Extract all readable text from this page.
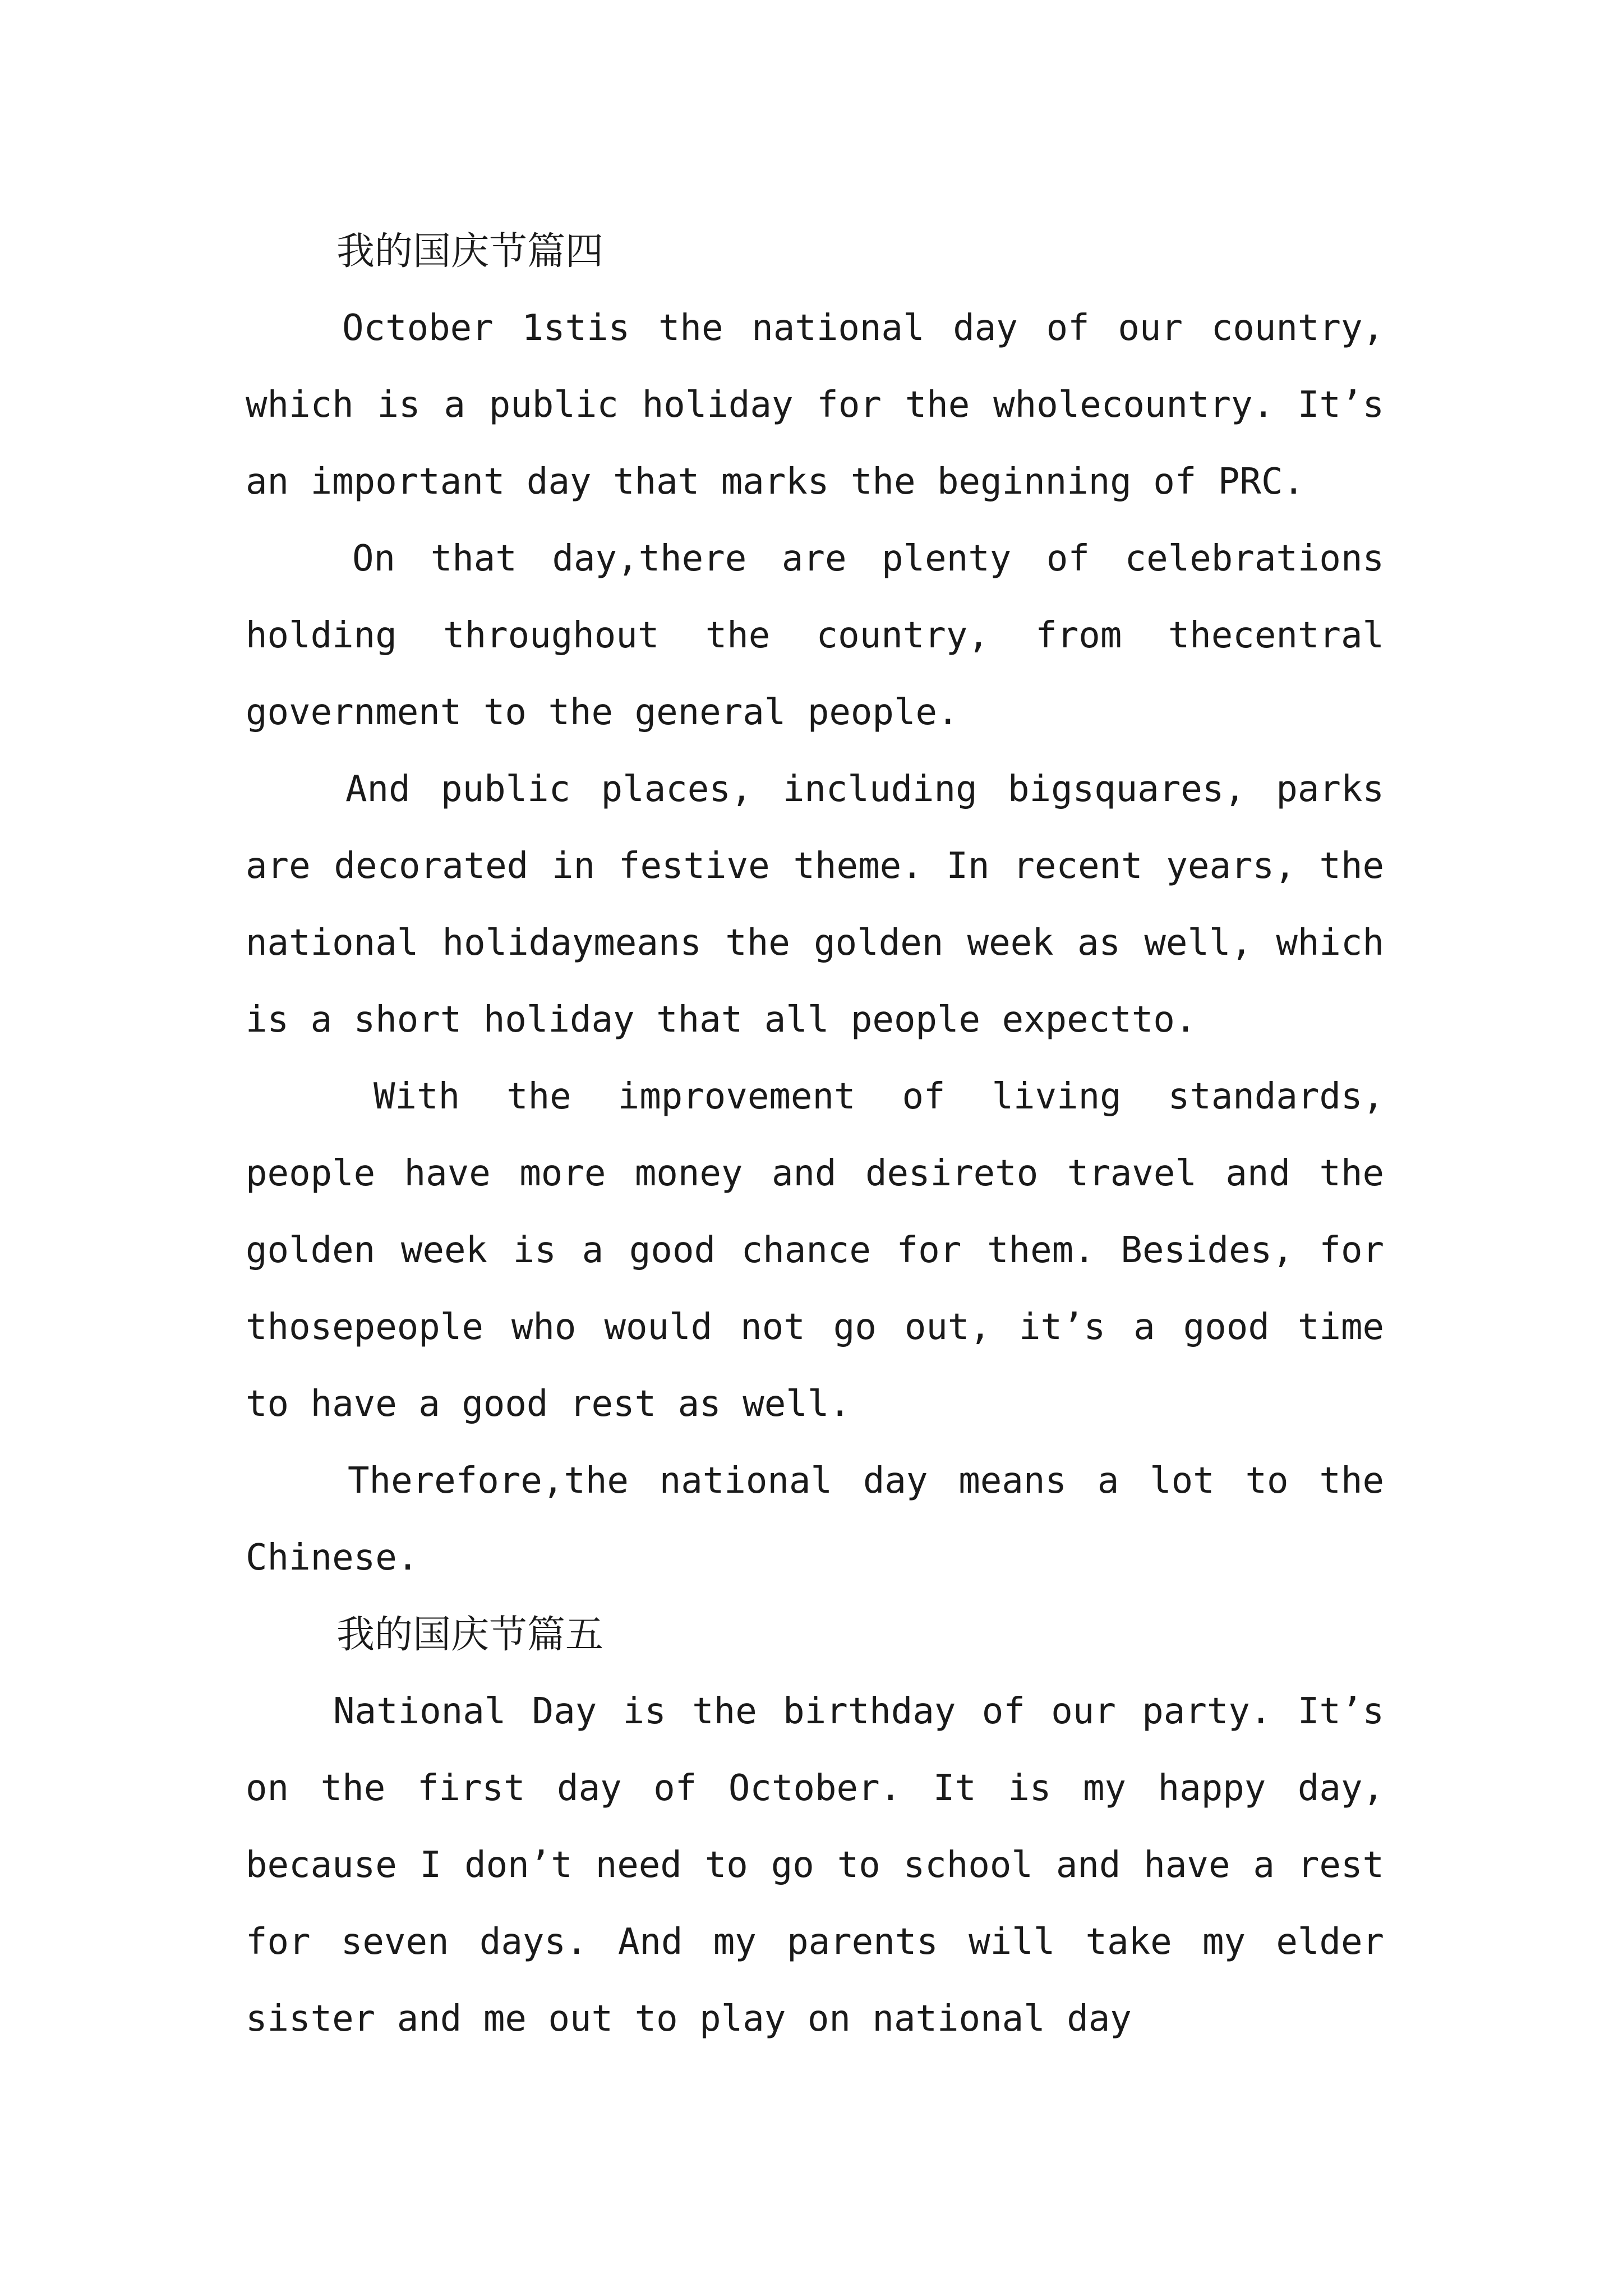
我的国庆节篇四

October 1stis the national day of our country, which is a public holiday for the wholecountry. It’s an important day that marks the beginning of PRC.

On that day,there are plenty of celebrations holding throughout the country, from thecentral government to the general people.

And public places, including bigsquares, parks are decorated in festive theme. In recent years, the national holidaymeans the golden week as well, which is a short holiday that all people expectto.

With the improvement of living standards, people have more money and desireto travel and the golden week is a good chance for them. Besides, for thosepeople who would not go out, it’s a good time to have a good rest as well.

Therefore,the national day means a lot to the Chinese.

我的国庆节篇五

National Day is the birthday of our party. It’s on the first day of October. It is my happy day, because I don’t need to go to school and have a rest for seven days. And my parents will take my elder sister and me out to play on national day
